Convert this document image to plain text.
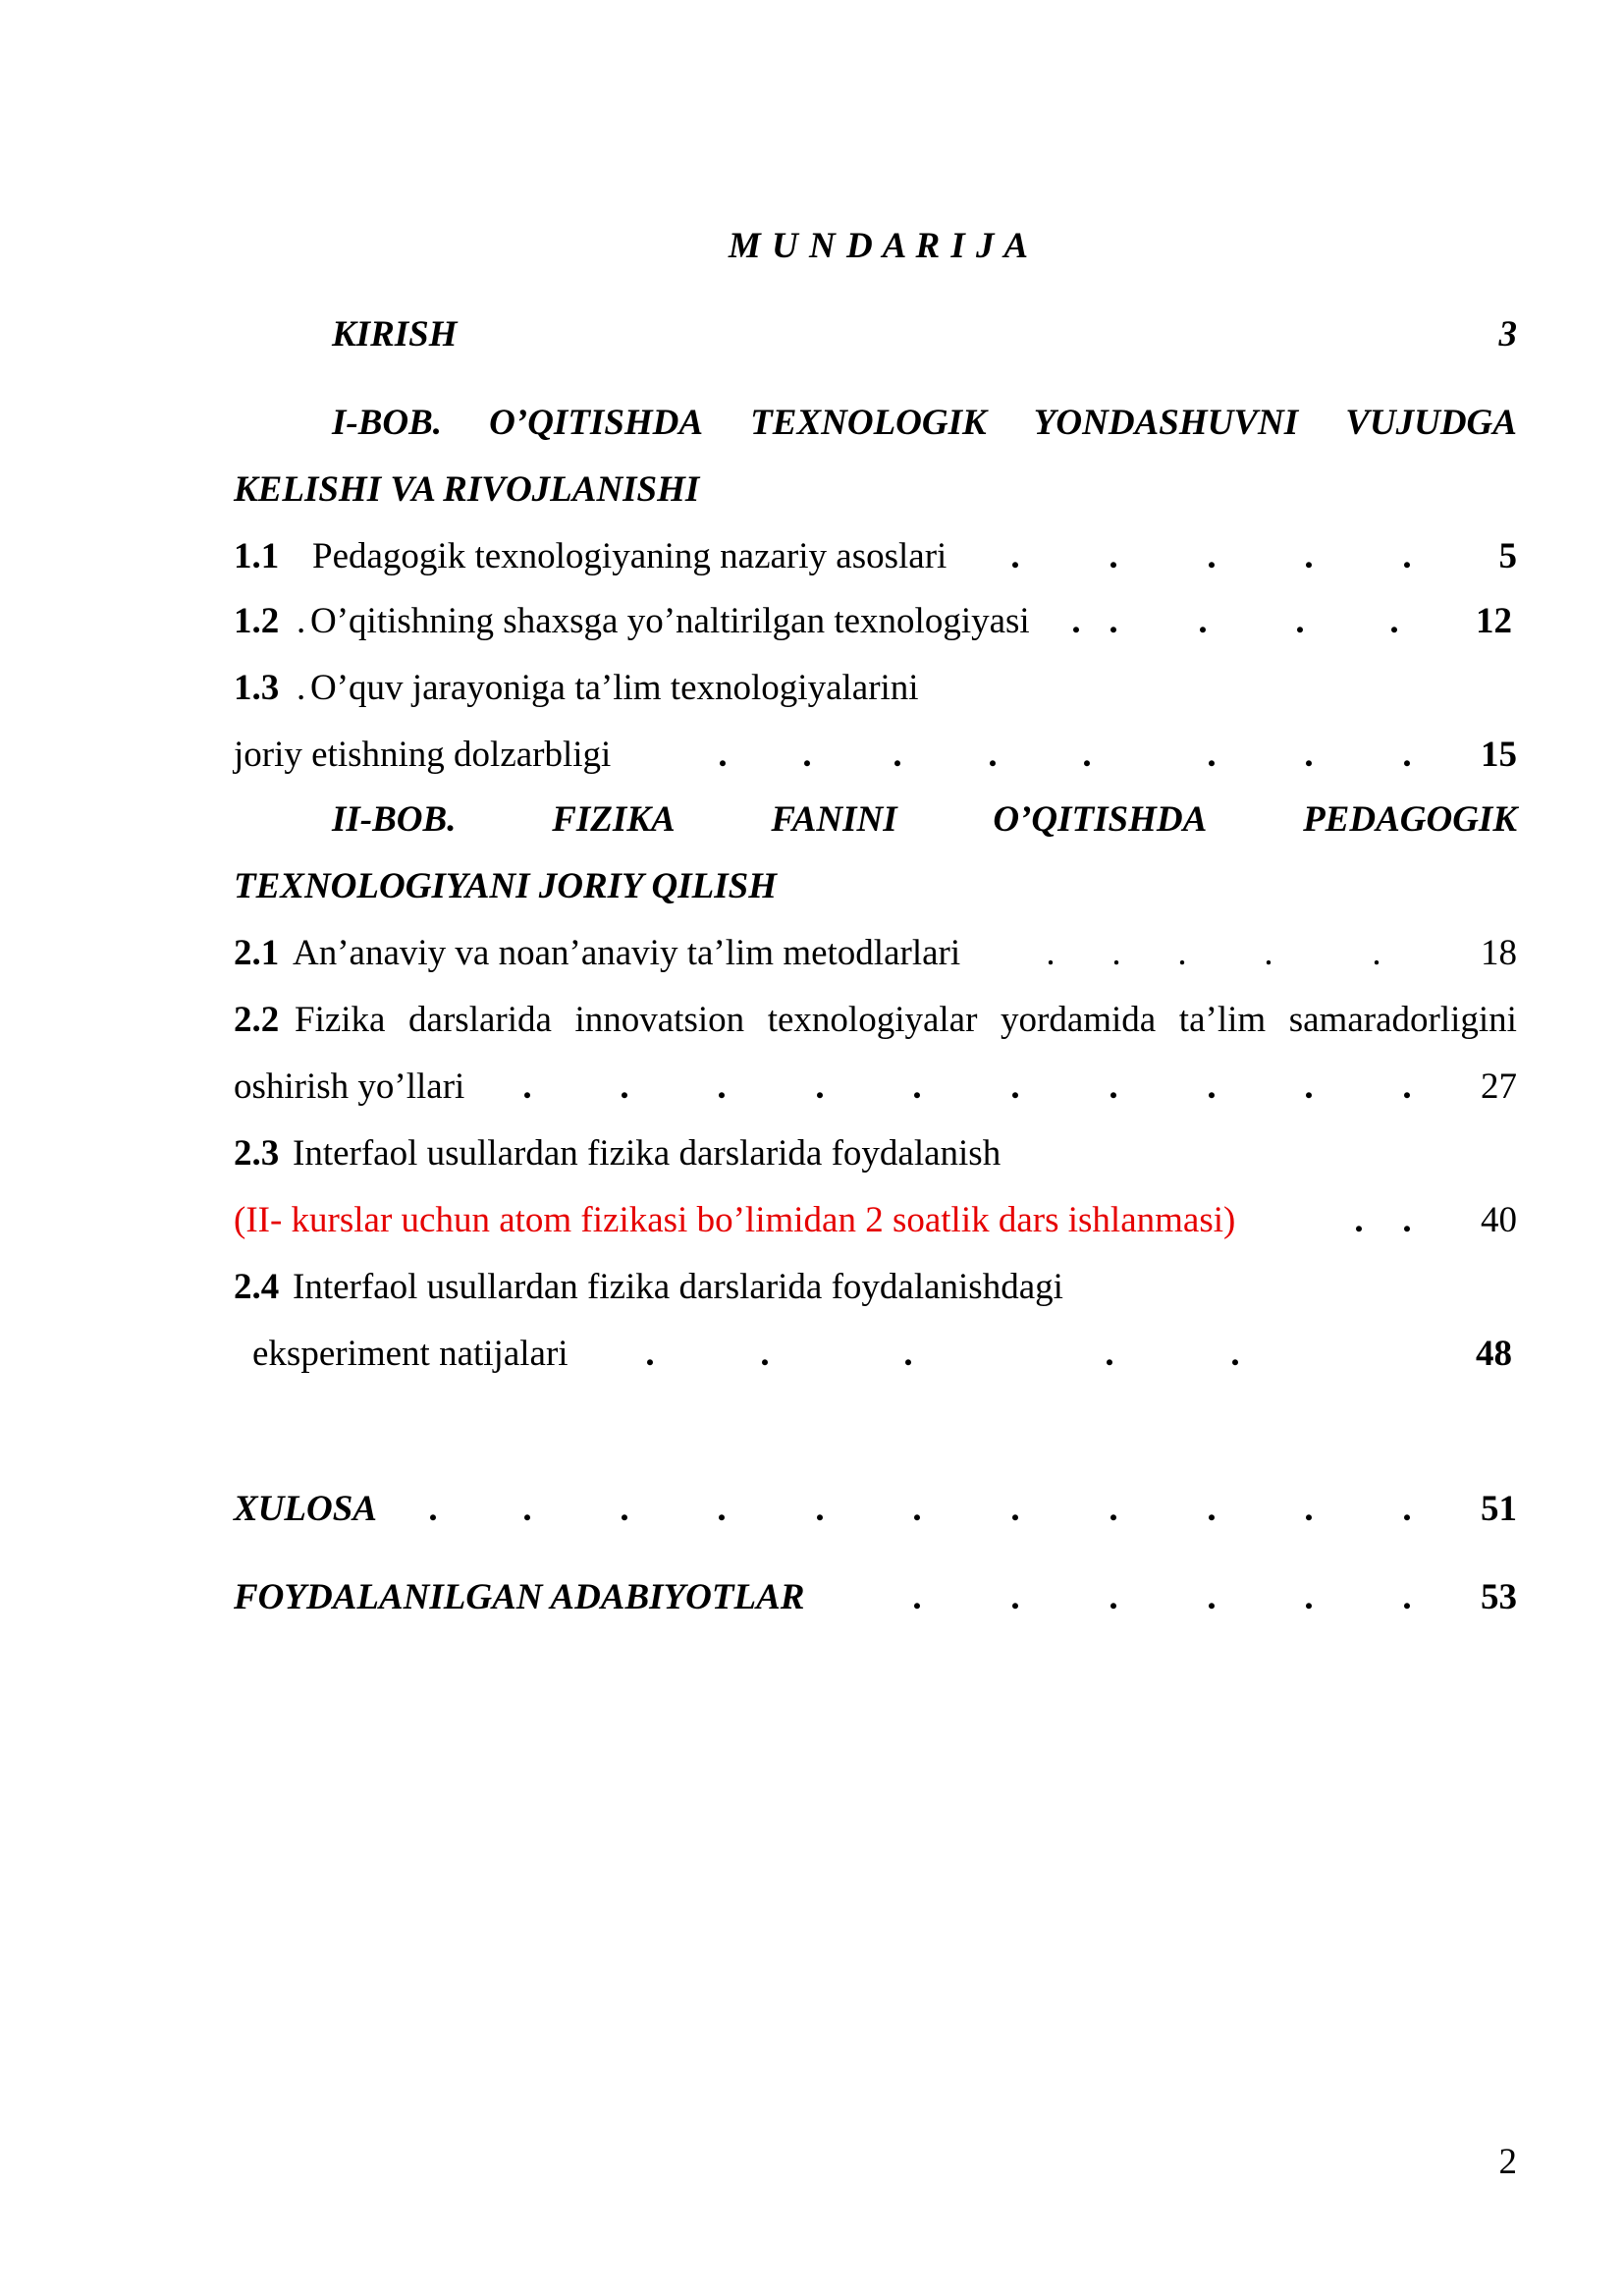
M U N D A R I J A
KIRISH	3
I-BOB. O’QITISHDA TEXNOLOGIK YONDASHUVNI VUJUDGA
KELISHI VA RIVOJLANISHI
1.1 Pedagogik texnologiyaning nazariy asoslari . . . . .	5
1.2 . O’qitishning shaxsga yo’naltirilgan texnologiyasi . . . . .	12
1.3 . O’quv jarayoniga ta’lim texnologiyalarini
joriy etishning dolzarbligi	. . . . .	. . .	15
II-BOB.	FIZIKA	FANINI	O’QITISHDA	PEDAGOGIK
TEXNOLOGIYANI JORIY QILISH
2.1 An’anaviy va noan’anaviy ta’lim metodlarlari . . . .	.	18
2.2 Fizika darslarida innovatsion texnologiyalar yordamida ta’lim samaradorligini
oshirish yo’llari . . . . . . . . . .	27
2.3 Interfaol usullardan fizika darslarida foydalanish
(II- kurslar uchun atom fizikasi bo’limidan 2 soatlik dars ishlanmasi)	. .	40
2.4 Interfaol usullardan fizika darslarida foydalanishdagi
eksperiment natijalari .	.	.	.	.	48
XULOSA . . . . . . . . . . .	51
FOYDALANILGAN ADABIYOTLAR	. . . . . .	53
2
